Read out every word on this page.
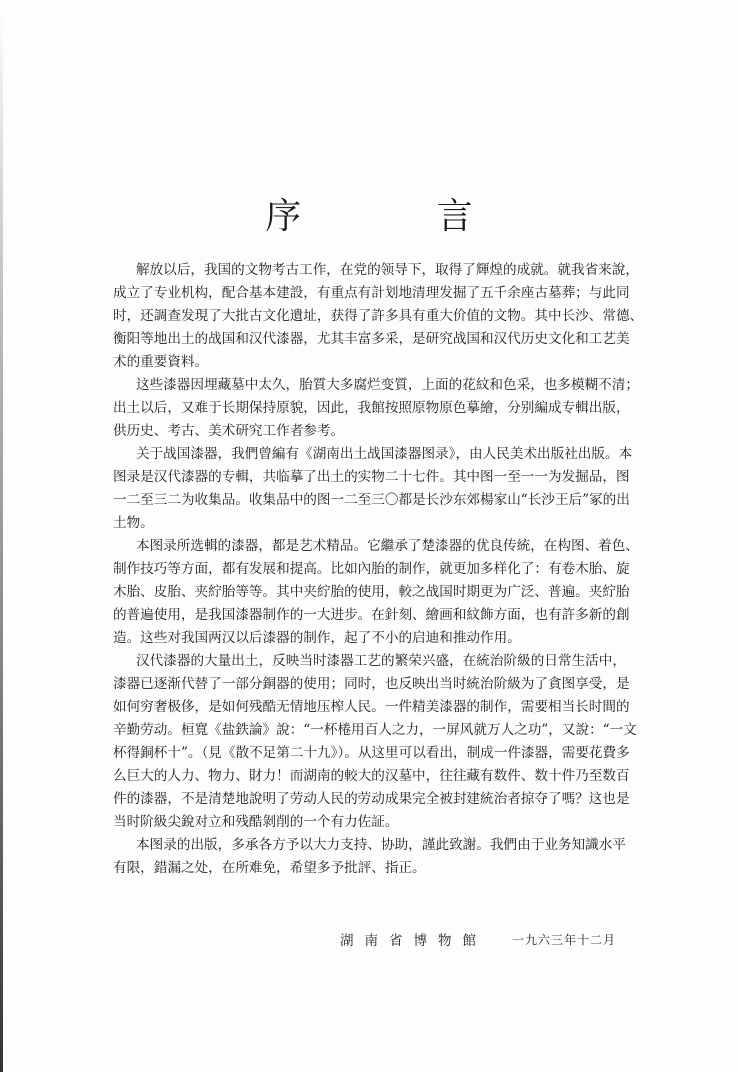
序 言
解放以后，我国的文物考古工作，在党的领导下，取得了輝煌的成就。就我省来說，
成立了专业机构，配合基本建設，有重点有計划地清理发掘了五千余座古墓葬；与此同
时，还調查发現了大批古文化遺址，获得了許多具有重大价值的文物。其中长沙、常德、
衡阳等地出土的战国和汉代漆器，尤其丰富多采，是研究战国和汉代历史文化和工艺美
术的重要資料。
这些漆器因埋藏墓中太久，胎質大多腐烂变質，上面的花紋和色采，也多模糊不清；
出土以后，又难于长期保持原貌，因此，我館按照原物原色摹繪，分别編成专輯出版，
供历史、考古、美术研究工作者参考。
关于战国漆器，我們曾編有《湖南出土战国漆器图录》，由人民美术出版社出版。本
图录是汉代漆器的专輯，共临摹了出土的实物二十七件。其中图一至一一为发掘品，图
一二至三二为收集品。收集品中的图一二至三〇都是长沙东郊楊家山“长沙王后”冢的出
土物。
本图录所选輯的漆器，都是艺术精品。它繼承了楚漆器的优良传統，在构图、着色、
制作技巧等方面，都有发展和提高。比如內胎的制作，就更加多样化了：有卷木胎、旋
木胎、皮胎、夹紵胎等等。其中夹紵胎的使用，較之战国时期更为广泛、普遍。夹紵胎
的普遍使用，是我国漆器制作的一大进步。在針刻、繪画和紋飾方面，也有許多新的創
造。这些对我国两汉以后漆器的制作，起了不小的启迪和推动作用。
汉代漆器的大量出土，反映当时漆器工艺的繁荣兴盛，在統治阶級的日常生活中，
漆器已逐渐代替了一部分銅器的使用；同时，也反映出当时統治阶級为了貪图享受，是
如何穷奢极侈，是如何残酷无情地压榨人民。一件精美漆器的制作，需要相当长时間的
辛勤劳动。桓寬《盐鉄論》說：“一杯棬用百人之力，一屏风就万人之功”，又說：“一文
杯得銅杯十”。（見《散不足第二十九》）。从这里可以看出，制成一件漆器，需要花費多
么巨大的人力、物力、財力！而湖南的較大的汉墓中，往往藏有数件、数十件乃至数百
件的漆器，不是清楚地說明了劳动人民的劳动成果完全被封建統治者掠夺了嗎？这也是
当时阶級尖銳对立和残酷剝削的一个有力佐証。
本图录的出版，多承各方予以大力支持、协助，謹此致謝。我們由于业务知識水平
有限，錯漏之处，在所难免，希望多予批評、指正。
湖南省博物館 一九六三年十二月
